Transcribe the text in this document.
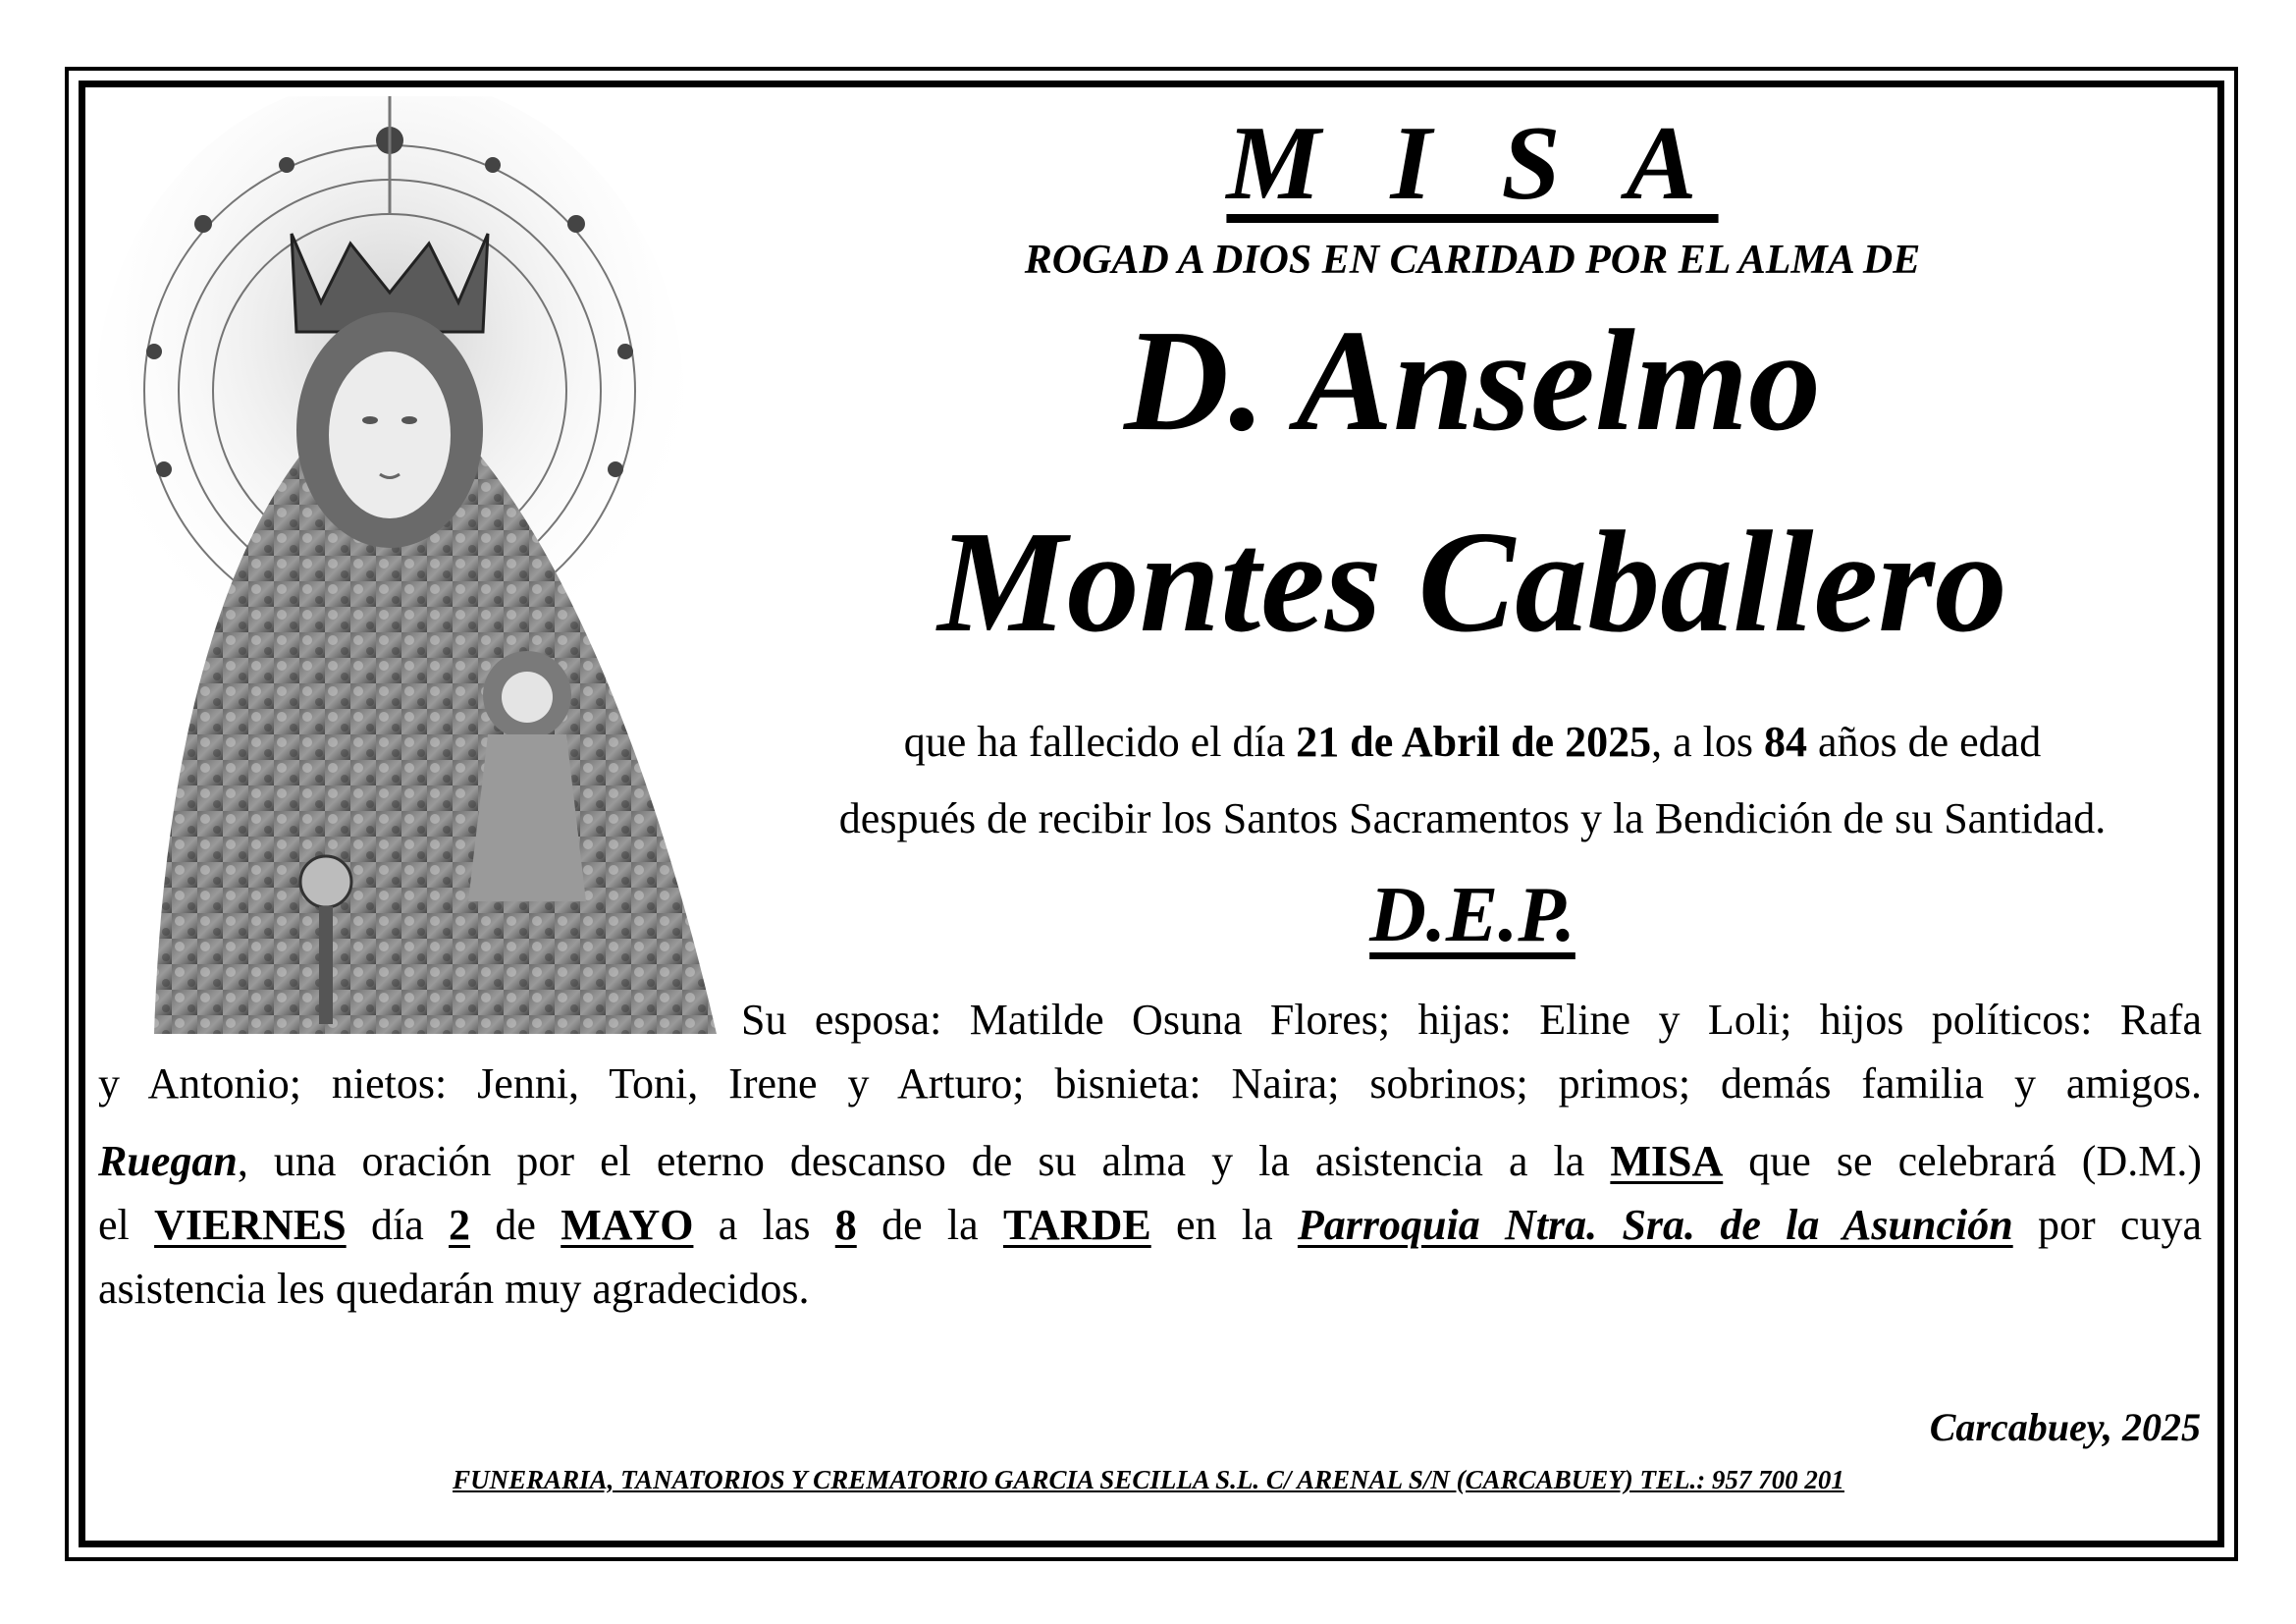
M I S A
ROGAD A DIOS EN CARIDAD POR EL ALMA DE
D. Anselmo
Montes Caballero
que ha fallecido el día 21 de Abril de 2025, a los 84 años de edad
después de recibir los Santos Sacramentos y la Bendición de su Santidad.
D.E.P.
Su esposa: Matilde Osuna Flores; hijas: Eline y Loli; hijos políticos: Rafa
y Antonio; nietos: Jenni, Toni, Irene y Arturo; bisnieta: Naira; sobrinos; primos; demás familia y amigos.
Ruegan, una oración por el eterno descanso de su alma y la asistencia a la MISA que se celebrará (D.M.)
el VIERNES día 2 de MAYO a las 8 de la TARDE en la Parroquia Ntra. Sra. de la Asunción por cuya
asistencia les quedarán muy agradecidos.
Carcabuey, 2025
FUNERARIA, TANATORIOS Y CREMATORIO GARCIA SECILLA S.L. C/ ARENAL S/N (CARCABUEY) TEL.: 957 700 201
